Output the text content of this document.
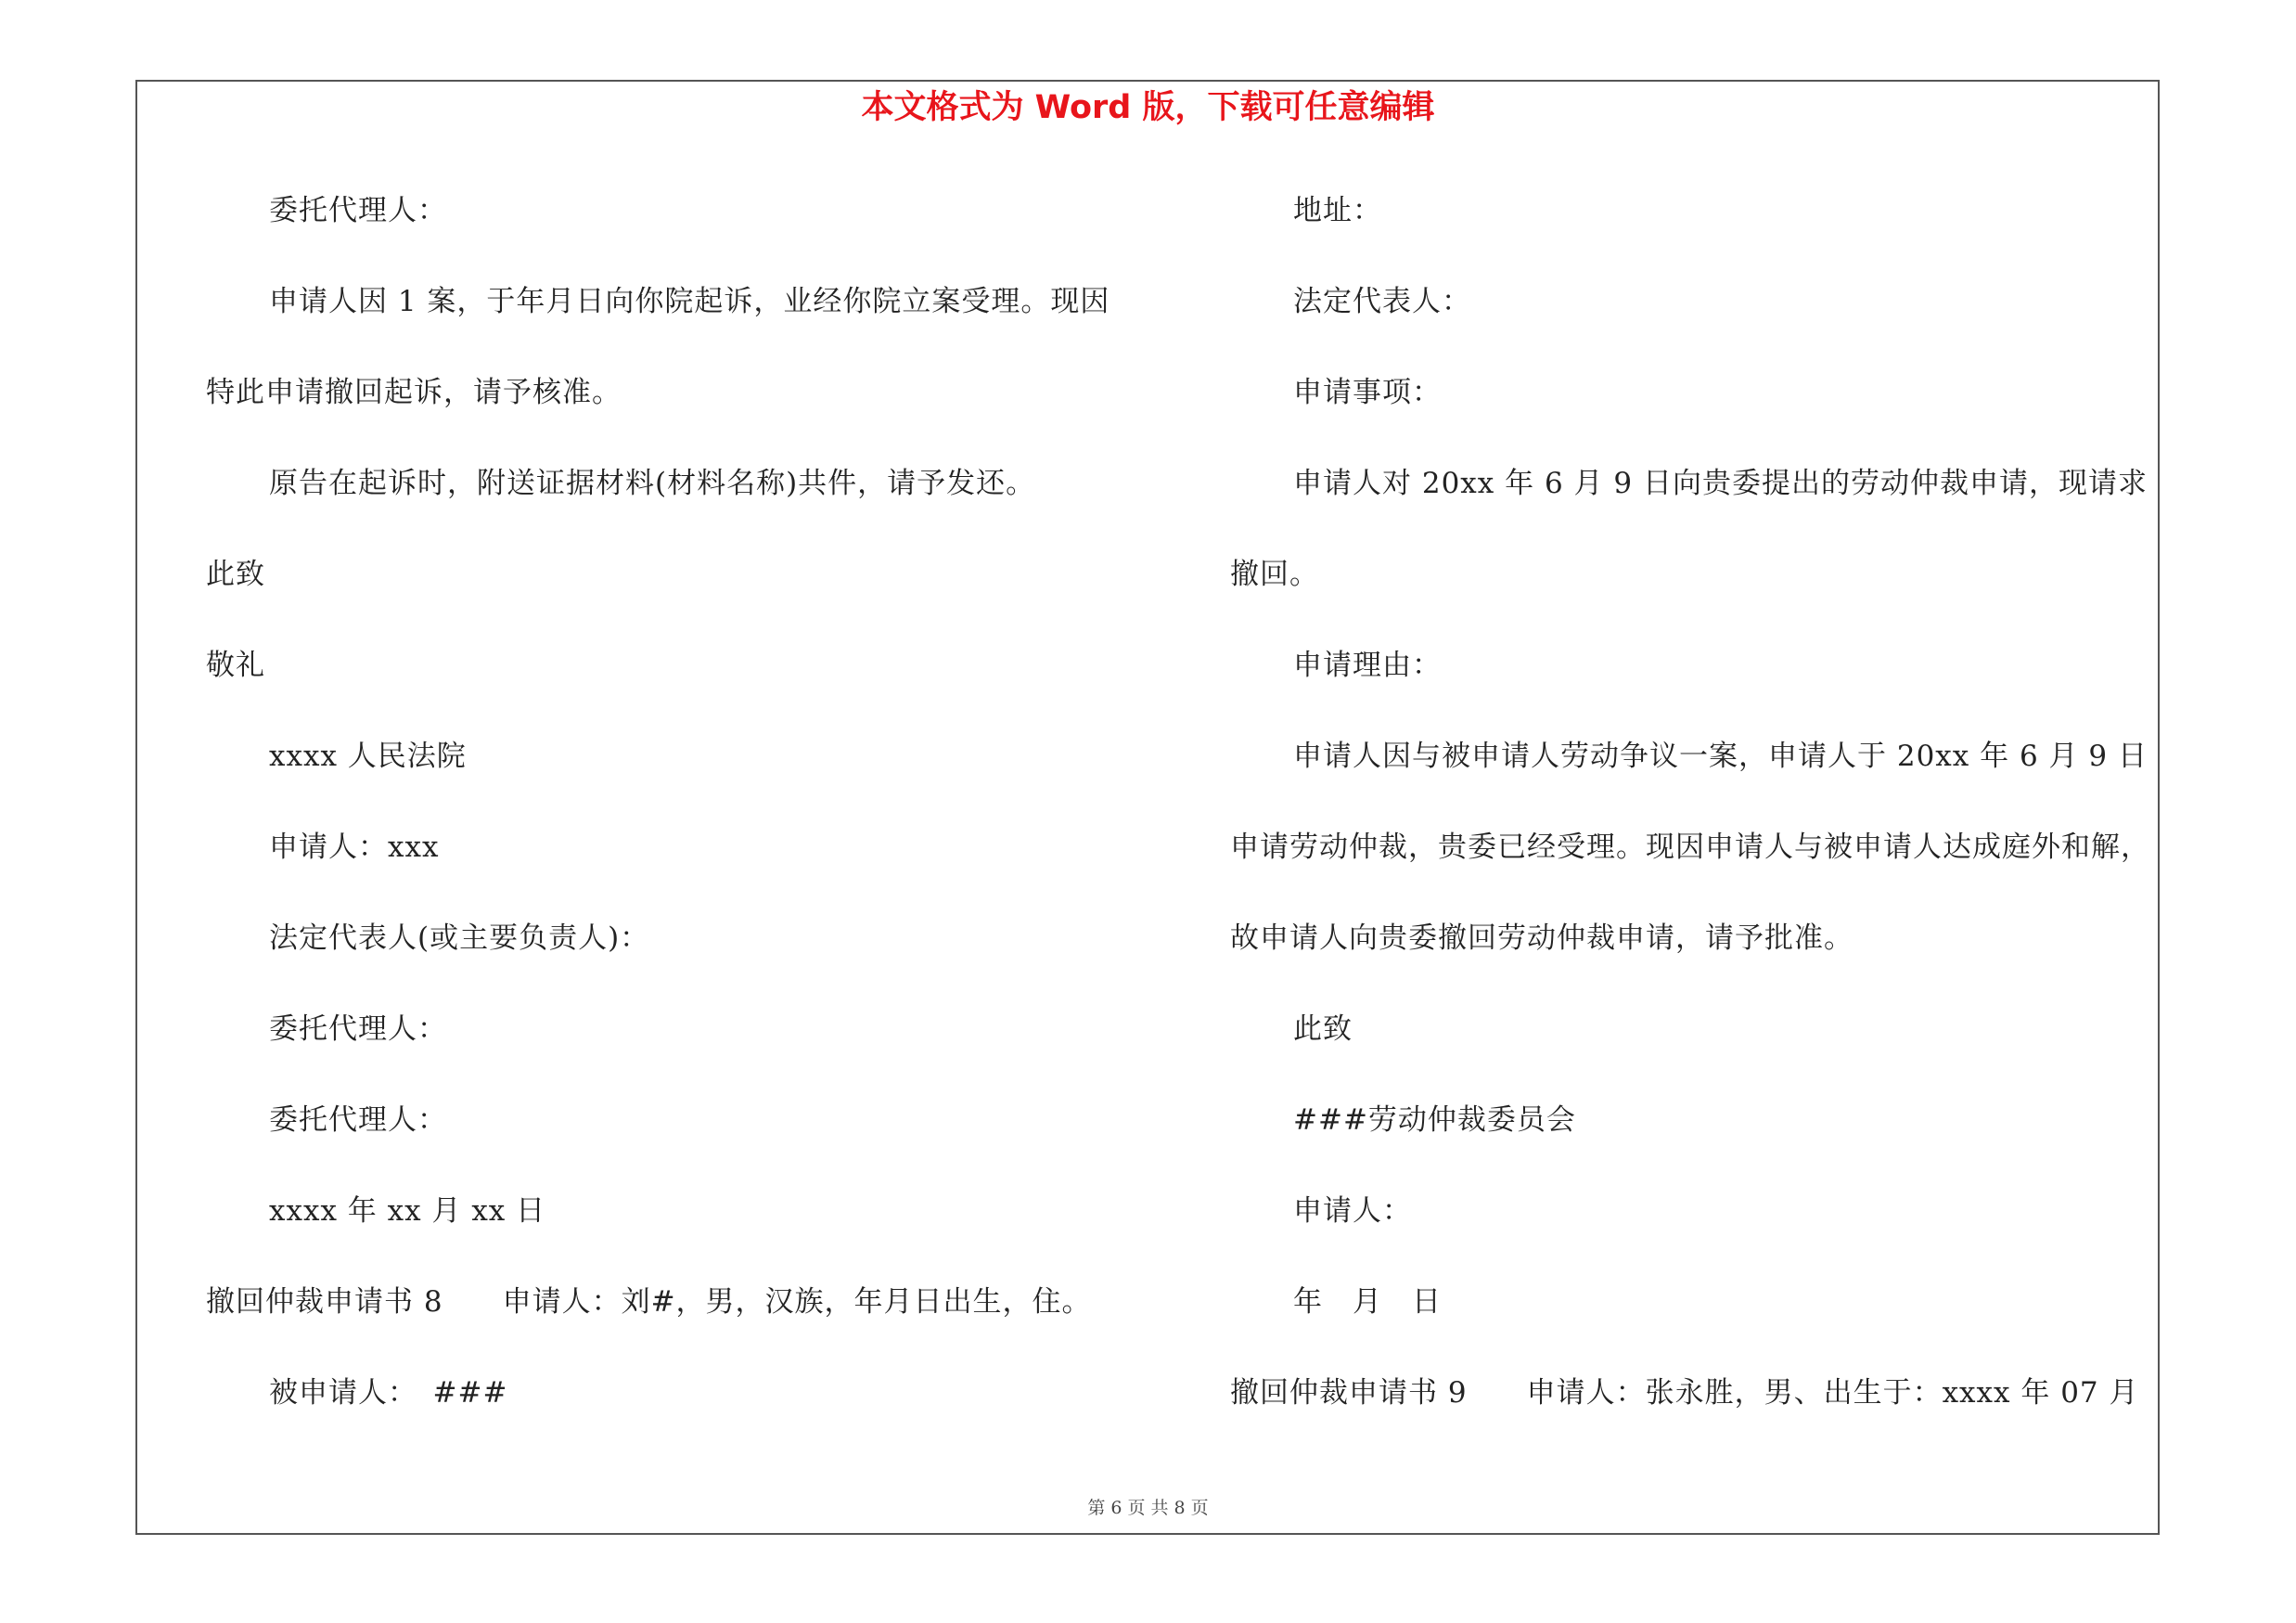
本文格式为 Word 版，下载可任意编辑

委托代理人：

申请人因 1 案，于年月日向你院起诉，业经你院立案受理。现因

特此申请撤回起诉，请予核准。

原告在起诉时，附送证据材料(材料名称)共件，请予发还。

此致

敬礼

xxxx 人民法院

申请人：xxx

法定代表人(或主要负责人)：

委托代理人：

委托代理人：

xxxx 年 xx 月 xx 日

撤回仲裁申请书 8　　申请人：刘#，男，汉族，年月日出生，住。

被申请人：　###

地址：

法定代表人：

申请事项：

申请人对 20xx 年 6 月 9 日向贵委提出的劳动仲裁申请，现请求

撤回。

申请理由：

申请人因与被申请人劳动争议一案，申请人于 20xx 年 6 月 9 日

申请劳动仲裁，贵委已经受理。现因申请人与被申请人达成庭外和解，

故申请人向贵委撤回劳动仲裁申请，请予批准。

此致

###劳动仲裁委员会

申请人：

年　月　日

撤回仲裁申请书 9　　申请人：张永胜，男、出生于：xxxx 年 07 月

第 6 页 共 8 页
